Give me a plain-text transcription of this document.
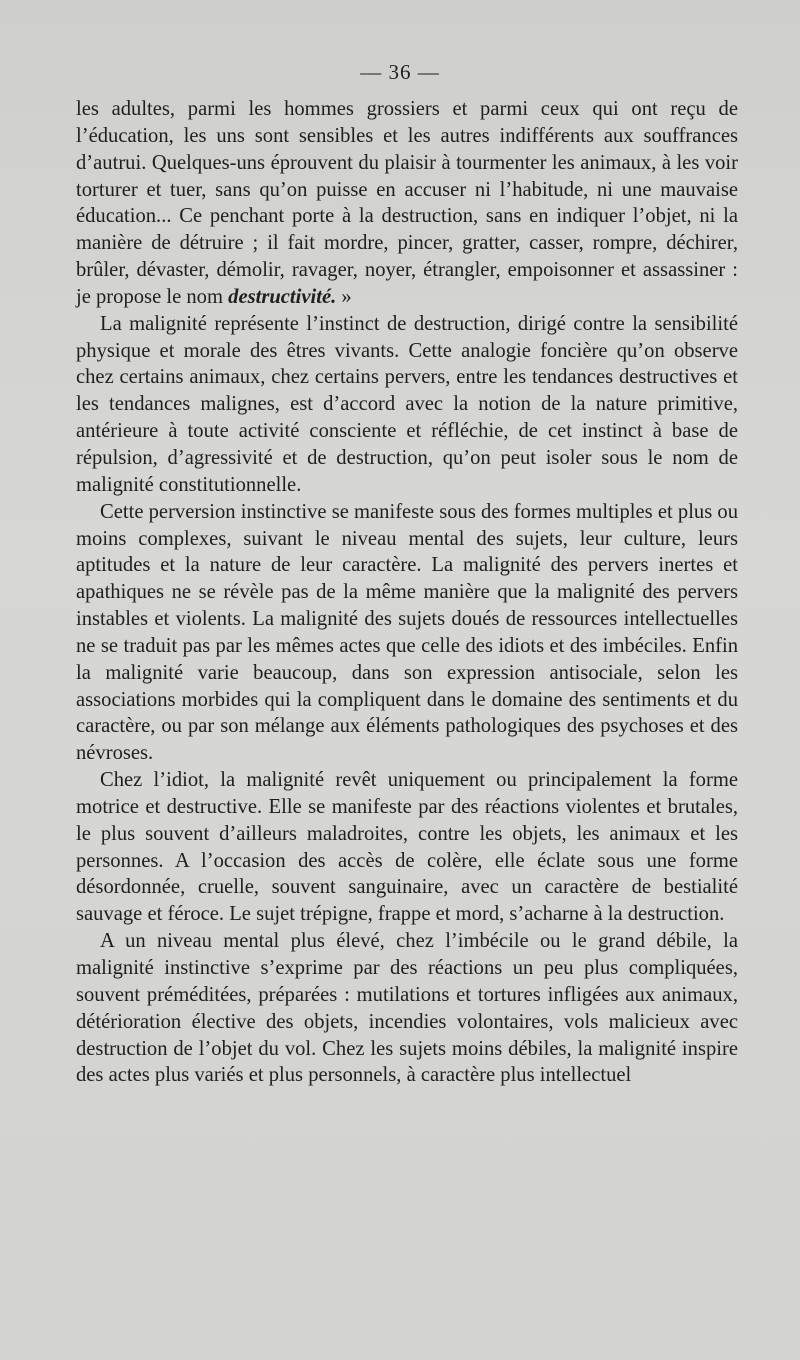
— 36 —

les adultes, parmi les hommes grossiers et parmi ceux qui ont reçu de l’éducation, les uns sont sensibles et les autres indifférents aux souffrances d’autrui. Quelques-uns éprouvent du plaisir à tourmenter les animaux, à les voir torturer et tuer, sans qu’on puisse en accuser ni l’habitude, ni une mauvaise éducation... Ce penchant porte à la destruction, sans en indiquer l’objet, ni la manière de détruire ; il fait mordre, pincer, gratter, casser, rompre, déchirer, brûler, dévaster, démolir, ravager, noyer, étrangler, empoisonner et assassiner : je propose le nom destructivité. »

La malignité représente l’instinct de destruction, dirigé contre la sensibilité physique et morale des êtres vivants. Cette analogie foncière qu’on observe chez certains animaux, chez certains pervers, entre les tendances destructives et les tendances malignes, est d’accord avec la notion de la nature primitive, antérieure à toute activité consciente et réfléchie, de cet instinct à base de répulsion, d’agressivité et de destruction, qu’on peut isoler sous le nom de malignité constitutionnelle.

Cette perversion instinctive se manifeste sous des formes multiples et plus ou moins complexes, suivant le niveau mental des sujets, leur culture, leurs aptitudes et la nature de leur caractère. La malignité des pervers inertes et apathiques ne se révèle pas de la même manière que la malignité des pervers instables et violents. La malignité des sujets doués de ressources intellectuelles ne se traduit pas par les mêmes actes que celle des idiots et des imbéciles. Enfin la malignité varie beaucoup, dans son expression antisociale, selon les associations morbides qui la compliquent dans le domaine des sentiments et du caractère, ou par son mélange aux éléments pathologiques des psychoses et des névroses.

Chez l’idiot, la malignité revêt uniquement ou principalement la forme motrice et destructive. Elle se manifeste par des réactions violentes et brutales, le plus souvent d’ailleurs maladroites, contre les objets, les animaux et les personnes. A l’occasion des accès de colère, elle éclate sous une forme désordonnée, cruelle, souvent sanguinaire, avec un caractère de bestialité sauvage et féroce. Le sujet trépigne, frappe et mord, s’acharne à la destruction.

A un niveau mental plus élevé, chez l’imbécile ou le grand débile, la malignité instinctive s’exprime par des réactions un peu plus compliquées, souvent préméditées, préparées : mutilations et tortures infligées aux animaux, détérioration élective des objets, incendies volontaires, vols malicieux avec destruction de l’objet du vol. Chez les sujets moins débiles, la malignité inspire des actes plus variés et plus personnels, à caractère plus intellectuel
